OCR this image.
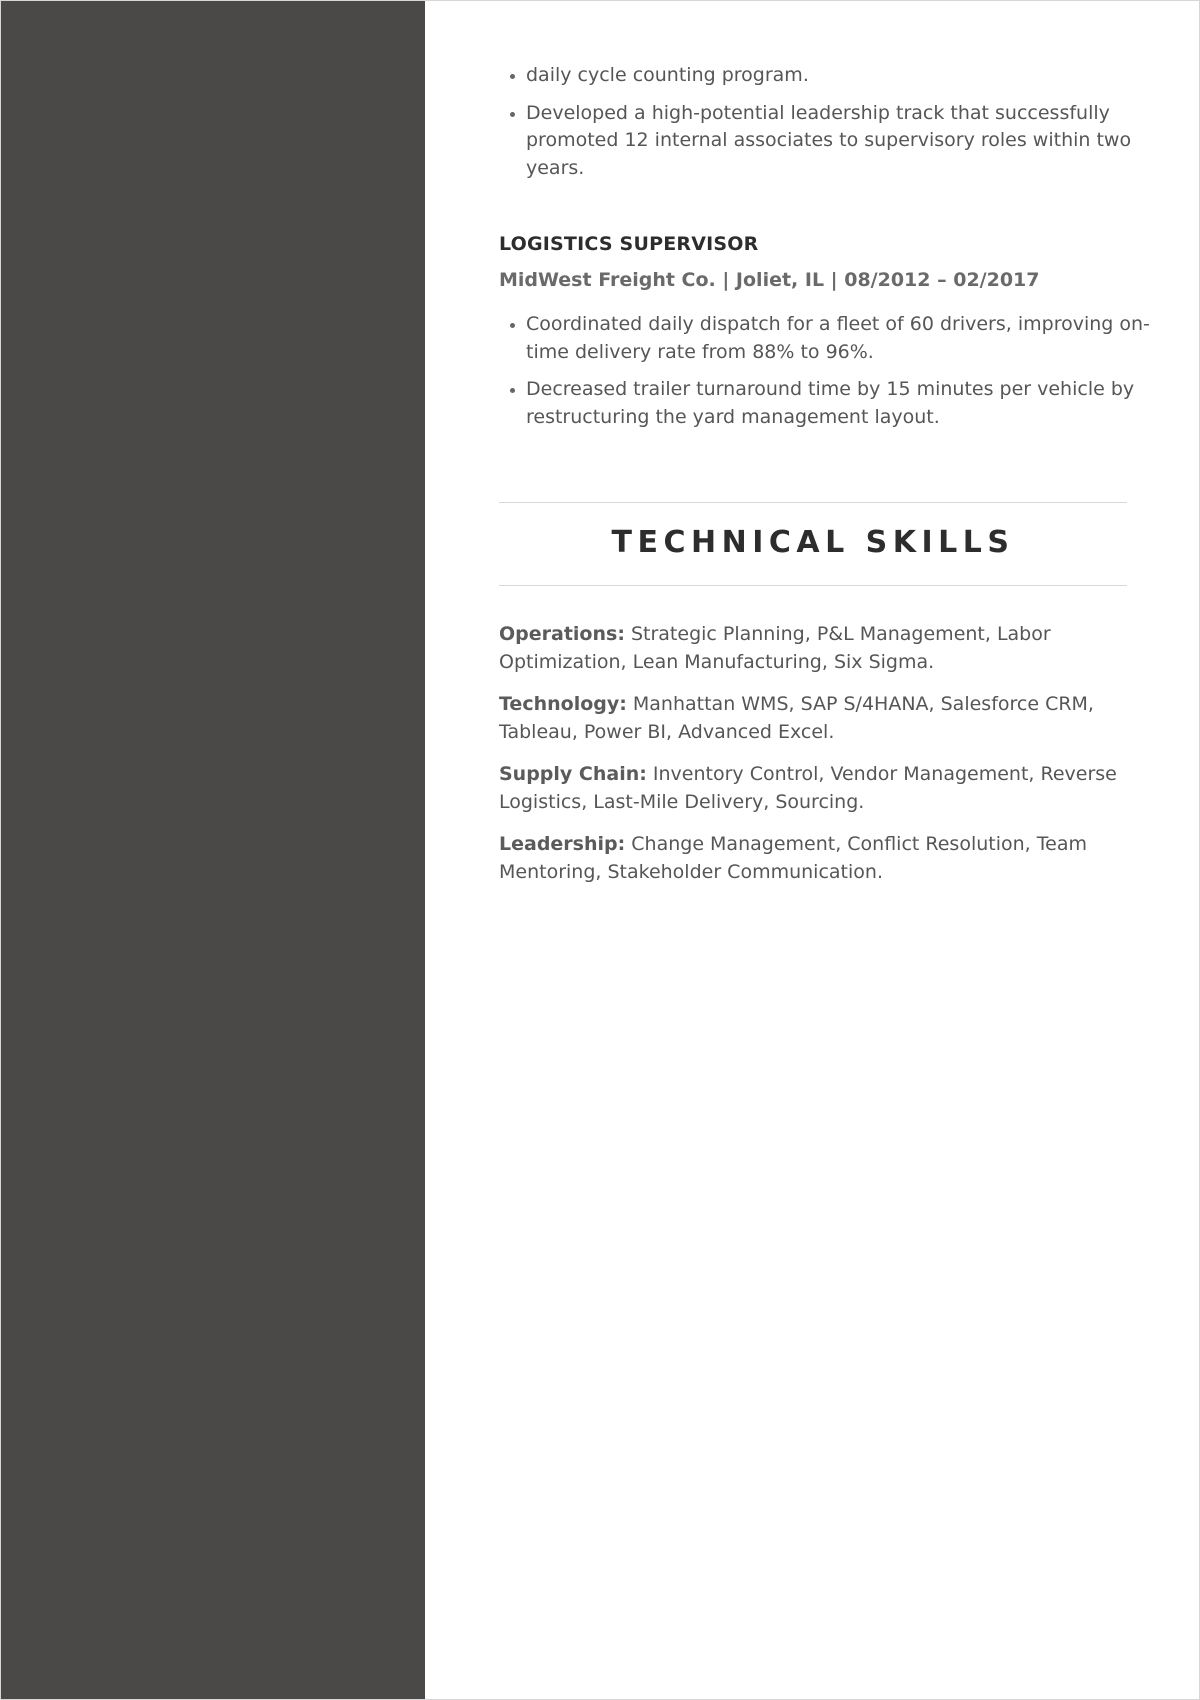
• daily cycle counting program.
• Developed a high-potential leadership track that successfully promoted 12 internal associates to supervisory roles within two years.
LOGISTICS SUPERVISOR

MidWest Freight Co. | Joliet, IL | 08/2012 – 02/2017

• Coordinated daily dispatch for a fleet of 60 drivers, improving on-time delivery rate from 88% to 96%.
• Decreased trailer turnaround time by 15 minutes per vehicle by restructuring the yard management layout.
TECHNICAL SKILLS

Operations: Strategic Planning, P&L Management, Labor Optimization, Lean Manufacturing, Six Sigma.

Technology: Manhattan WMS, SAP S/4HANA, Salesforce CRM, Tableau, Power BI, Advanced Excel.

Supply Chain: Inventory Control, Vendor Management, Reverse Logistics, Last-Mile Delivery, Sourcing.

Leadership: Change Management, Conflict Resolution, Team Mentoring, Stakeholder Communication.
